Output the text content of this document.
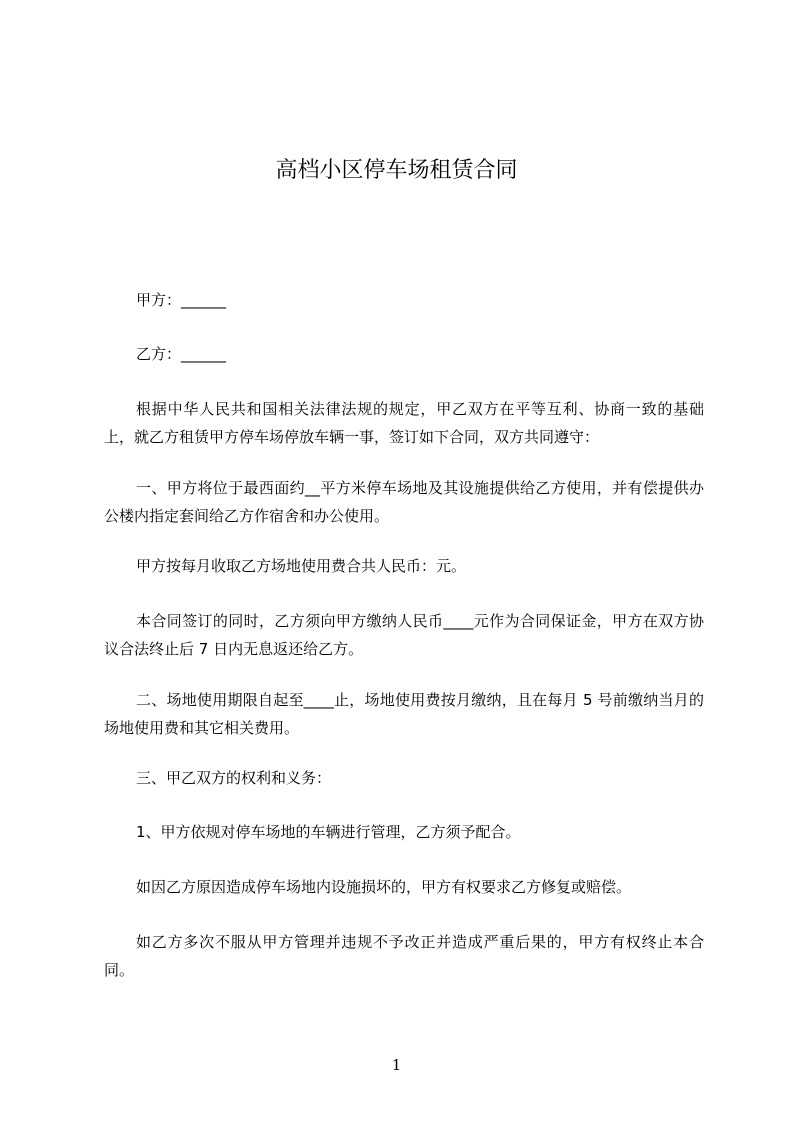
高档小区停车场租赁合同

甲方：______

乙方：______

根据中华人民共和国相关法律法规的规定，甲乙双方在平等互利、协商一致的基础上，就乙方租赁甲方停车场停放车辆一事，签订如下合同，双方共同遵守：

一、甲方将位于最西面约__平方米停车场地及其设施提供给乙方使用，并有偿提供办公楼内指定套间给乙方作宿舍和办公使用。

甲方按每月收取乙方场地使用费合共人民币：元。

本合同签订的同时，乙方须向甲方缴纳人民币____元作为合同保证金，甲方在双方协议合法终止后 7 日内无息返还给乙方。

二、场地使用期限自起至____止，场地使用费按月缴纳，且在每月 5 号前缴纳当月的场地使用费和其它相关费用。

三、甲乙双方的权利和义务：

1、甲方依规对停车场地的车辆进行管理，乙方须予配合。

如因乙方原因造成停车场地内设施损坏的，甲方有权要求乙方修复或赔偿。

如乙方多次不服从甲方管理并违规不予改正并造成严重后果的，甲方有权终止本合同。

1
